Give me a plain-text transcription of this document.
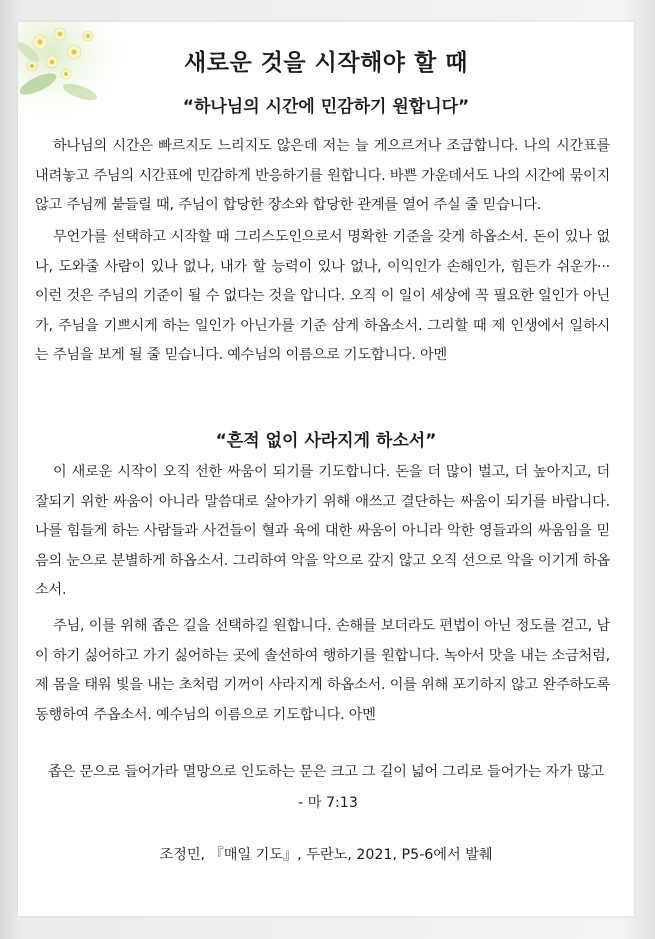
새로운 것을 시작해야 할 때
“하나님의 시간에 민감하기 원합니다”

하나님의 시간은 빠르지도 느리지도 않은데 저는 늘 게으르거나 조급합니다. 나의 시간표를 내려놓고 주님의 시간표에 민감하게 반응하기를 원합니다. 바쁜 가운데서도 나의 시간에 묶이지 않고 주님께 붙들릴 때, 주님이 합당한 장소와 합당한 관계를 열어 주실 줄 믿습니다.

무언가를 선택하고 시작할 때 그리스도인으로서 명확한 기준을 갖게 하옵소서. 돈이 있나 없나, 도와줄 사람이 있나 없나, 내가 할 능력이 있나 없나, 이익인가 손해인가, 힘든가 쉬운가··· 이런 것은 주님의 기준이 될 수 없다는 것을 압니다. 오직 이 일이 세상에 꼭 필요한 일인가 아닌가, 주님을 기쁘시게 하는 일인가 아닌가를 기준 삼게 하옵소서. 그리할 때 제 인생에서 일하시는 주님을 보게 될 줄 믿습니다. 예수님의 이름으로 기도합니다. 아멘

“흔적 없이 사라지게 하소서”

이 새로운 시작이 오직 선한 싸움이 되기를 기도합니다. 돈을 더 많이 벌고, 더 높아지고, 더 잘되기 위한 싸움이 아니라 말씀대로 살아가기 위해 애쓰고 결단하는 싸움이 되기를 바랍니다. 나를 힘들게 하는 사람들과 사건들이 혈과 육에 대한 싸움이 아니라 악한 영들과의 싸움임을 믿음의 눈으로 분별하게 하옵소서. 그리하여 악을 악으로 갚지 않고 오직 선으로 악을 이기게 하옵소서.

주님, 이를 위해 좁은 길을 선택하길 원합니다. 손해를 보더라도 편법이 아닌 정도를 걷고, 남이 하기 싫어하고 가기 싫어하는 곳에 솔선하여 행하기를 원합니다. 녹아서 맛을 내는 소금처럼, 제 몸을 태워 빛을 내는 초처럼 기꺼이 사라지게 하옵소서. 이를 위해 포기하지 않고 완주하도록 동행하여 주옵소서. 예수님의 이름으로 기도합니다. 아멘

좁은 문으로 들어가라 멸망으로 인도하는 문은 크고 그 길이 넓어 그리로 들어가는 자가 많고

- 마 7:13

조정민, 『매일 기도』, 두란노, 2021, P5-6에서 발췌
